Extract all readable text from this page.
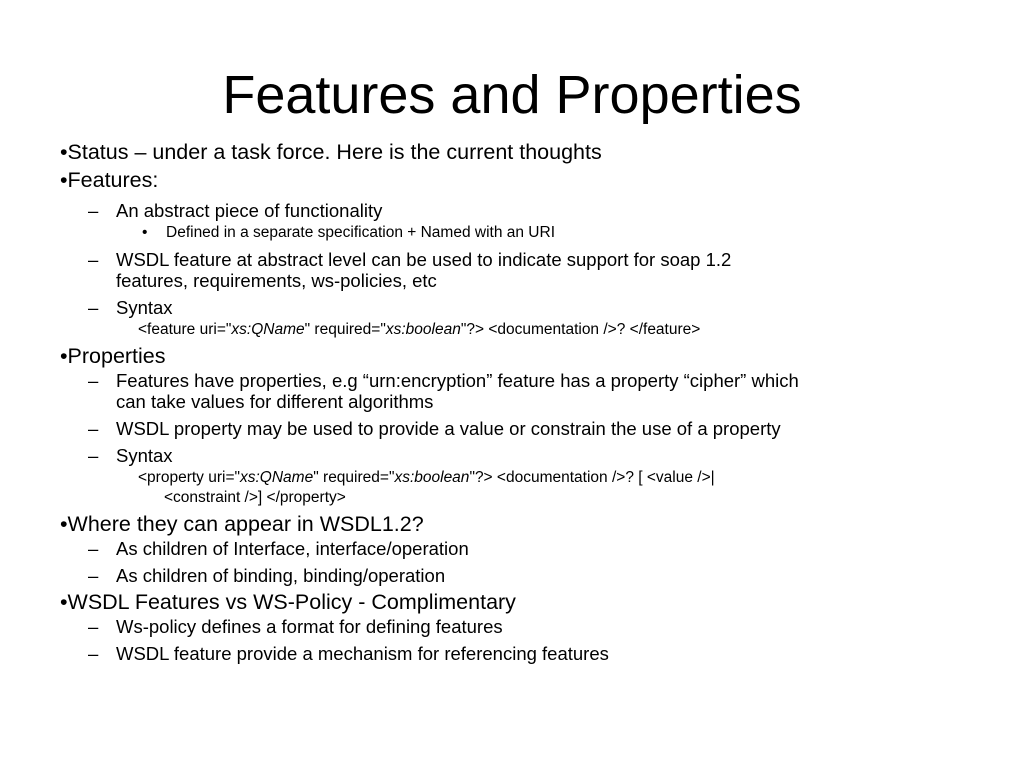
Features and Properties

•Status – under a task force. Here is the current thoughts

•Features:

– An abstract piece of functionality

• Defined in a separate specification + Named with an URI

– WSDL feature at abstract level can be used to indicate support for soap 1.2
features, requirements, ws-policies, etc

– Syntax

<feature uri="xs:QName" required="xs:boolean"?> <documentation />? </feature>

•Properties

– Features have properties, e.g “urn:encryption” feature has a property “cipher” which
can take values for different algorithms

– WSDL property may be used to provide a value or constrain the use of a property

– Syntax

<property uri="xs:QName" required="xs:boolean"?> <documentation />? [ <value />|
<constraint />] </property>

•Where they can appear in WSDL1.2?

– As children of Interface, interface/operation

– As children of binding, binding/operation

•WSDL Features vs WS-Policy - Complimentary

– Ws-policy defines a format for defining features

– WSDL feature provide a mechanism for referencing features
